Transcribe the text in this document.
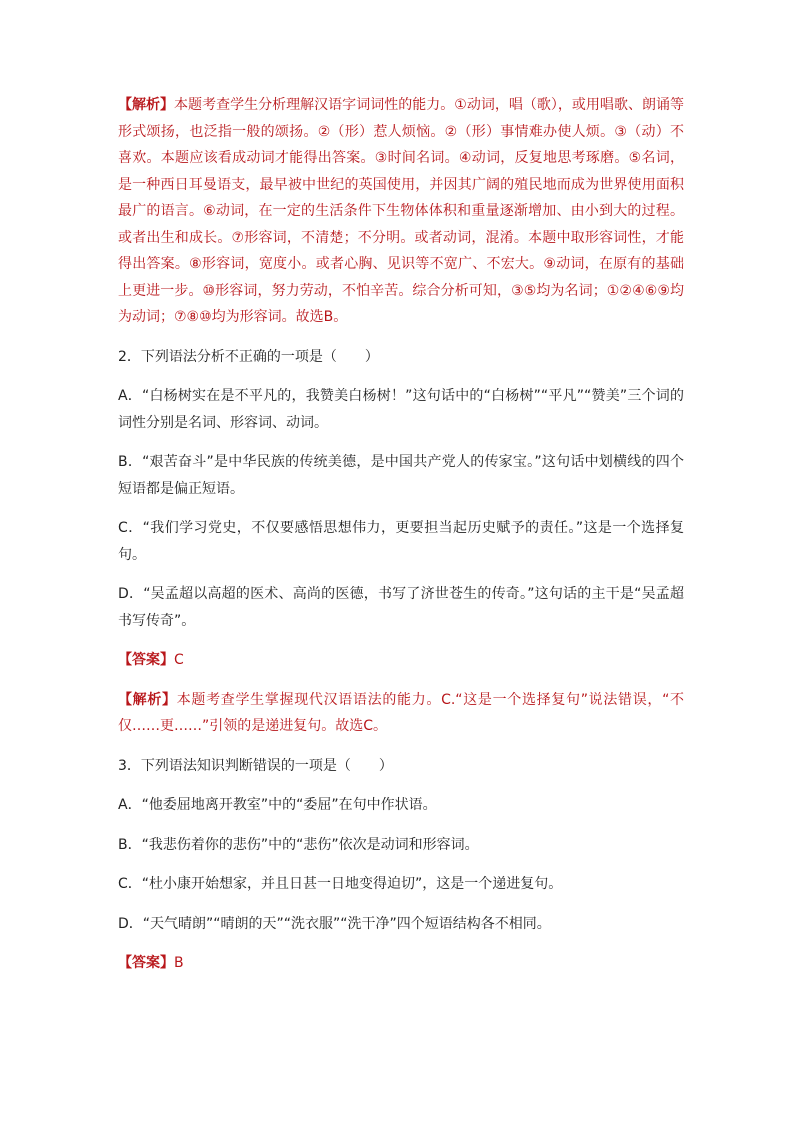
【解析】本题考查学生分析理解汉语字词词性的能力。①动词，唱（歌），或用唱歌、朗诵等形式颂扬，也泛指一般的颂扬。②（形）惹人烦恼。②（形）事情难办使人烦。③（动）不喜欢。本题应该看成动词才能得出答案。③时间名词。④动词，反复地思考琢磨。⑤名词，是一种西日耳曼语支，最早被中世纪的英国使用，并因其广阔的殖民地而成为世界使用面积最广的语言。⑥动词，在一定的生活条件下生物体体积和重量逐渐增加、由小到大的过程。或者出生和成长。⑦形容词，不清楚；不分明。或者动词，混淆。本题中取形容词性，才能得出答案。⑧形容词，宽度小。或者心胸、见识等不宽广、不宏大。⑨动词，在原有的基础上更进一步。⑩形容词，努力劳动，不怕辛苦。综合分析可知，③⑤均为名词；①②④⑥⑨均为动词；⑦⑧⑩均为形容词。故选B。

2．下列语法分析不正确的一项是（　　）

A．“白杨树实在是不平凡的，我赞美白杨树！”这句话中的“白杨树”“平凡”“赞美”三个词的词性分别是名词、形容词、动词。

B．“艰苦奋斗”是中华民族的传统美德，是中国共产党人的传家宝。”这句话中划横线的四个短语都是偏正短语。

C．“我们学习党史，不仅要感悟思想伟力，更要担当起历史赋予的责任。”这是一个选择复句。

D．“吴孟超以高超的医术、高尚的医德，书写了济世苍生的传奇。”这句话的主干是“吴孟超书写传奇”。

【答案】C

【解析】本题考查学生掌握现代汉语语法的能力。C.“这是一个选择复句”说法错误，“不仅……更……”引领的是递进复句。故选C。

3．下列语法知识判断错误的一项是（　　）

A．“他委屈地离开教室”中的“委屈”在句中作状语。

B．“我悲伤着你的悲伤”中的“悲伤”依次是动词和形容词。

C．“杜小康开始想家，并且日甚一日地变得迫切”，这是一个递进复句。

D．“天气晴朗”“晴朗的天”“洗衣服”“洗干净”四个短语结构各不相同。

【答案】B
